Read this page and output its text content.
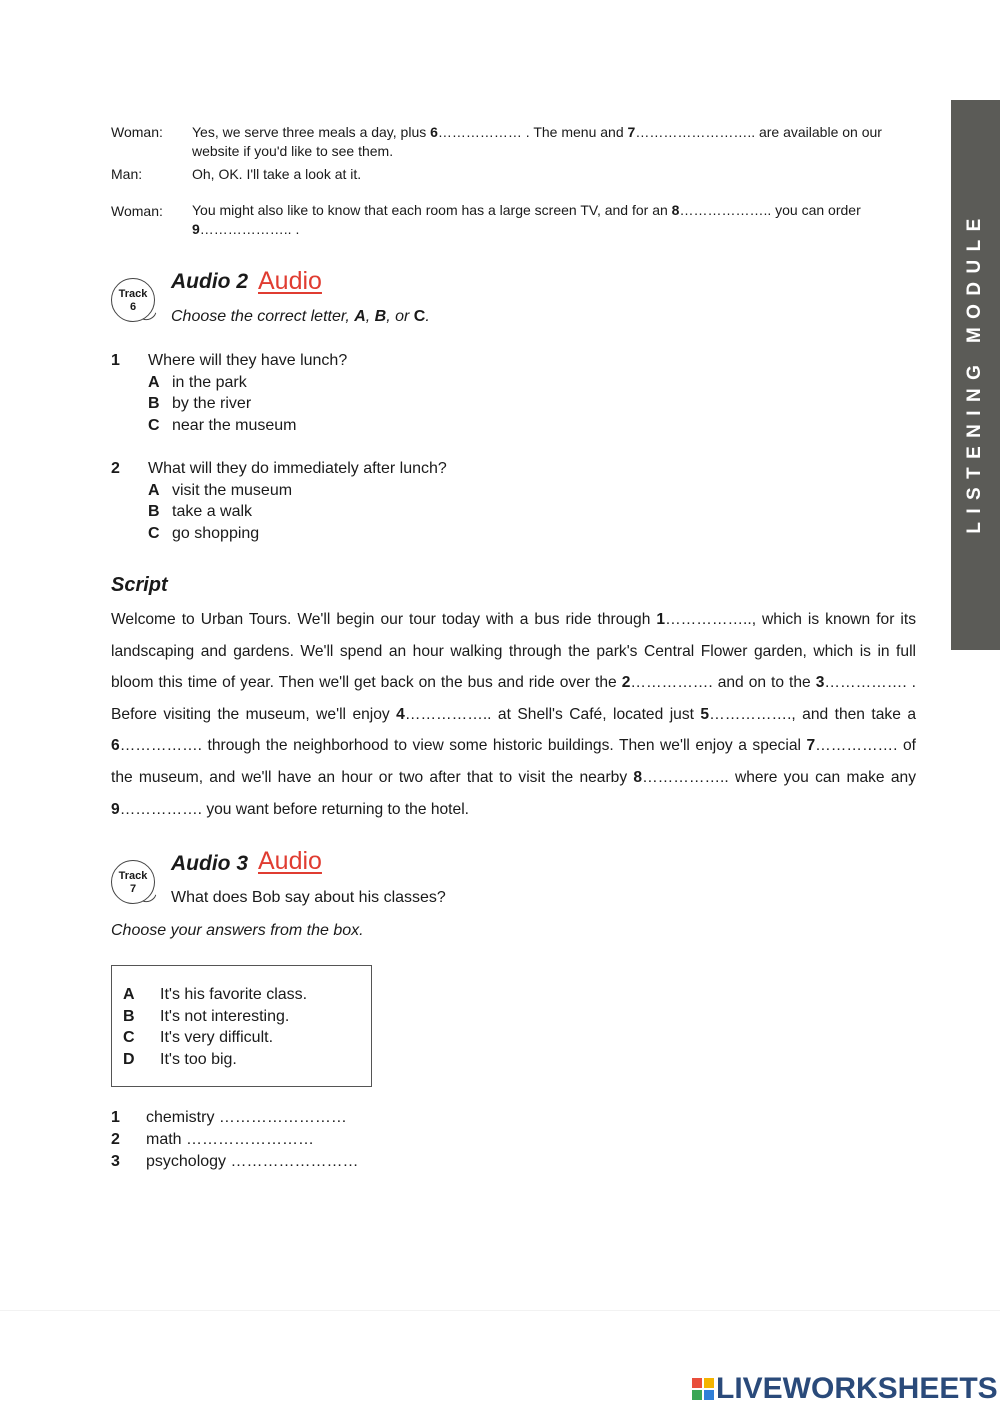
Woman: Yes, we serve three meals a day, plus 6……………… . The menu and 7…………………….. are available on our website if you'd like to see them.
Man:	Oh, OK. I'll take a look at it.
Woman: You might also like to know that each room has a large screen TV, and for an 8……………….. you can order 9……………….. .
Track
6
Audio 2 Audio
Choose the correct letter, A, B, or C.
1 Where will they have lunch?
A in the park
B by the river
C near the museum
2 What will they do immediately after lunch?
A visit the museum
B take a walk
C go shopping
Script
Welcome to Urban Tours. We'll begin our tour today with a bus ride through 1…………….., which is known for its landscaping and gardens. We'll spend an hour walking through the park's Central Flower garden, which is in full bloom this time of year. Then we'll get back on the bus and ride over the 2……………. and on to the 3……………. . Before visiting the museum, we'll enjoy 4…………….. at Shell's Café, located just 5……………., and then take a 6……………. through the neighborhood to view some historic buildings. Then we'll enjoy a special 7……………. of the museum, and we'll have an hour or two after that to visit the nearby 8…………….. where you can make any 9……………. you want before returning to the hotel.
Track
7
Audio 3 Audio
What does Bob say about his classes?
Choose your answers from the box.
A It's his favorite class.
B It's not interesting.
C It's very difficult.
D It's too big.
1 chemistry ……………………
2 math ……………………
3 psychology ……………………
LISTENING MODULE
LIVEWORKSHEETS
